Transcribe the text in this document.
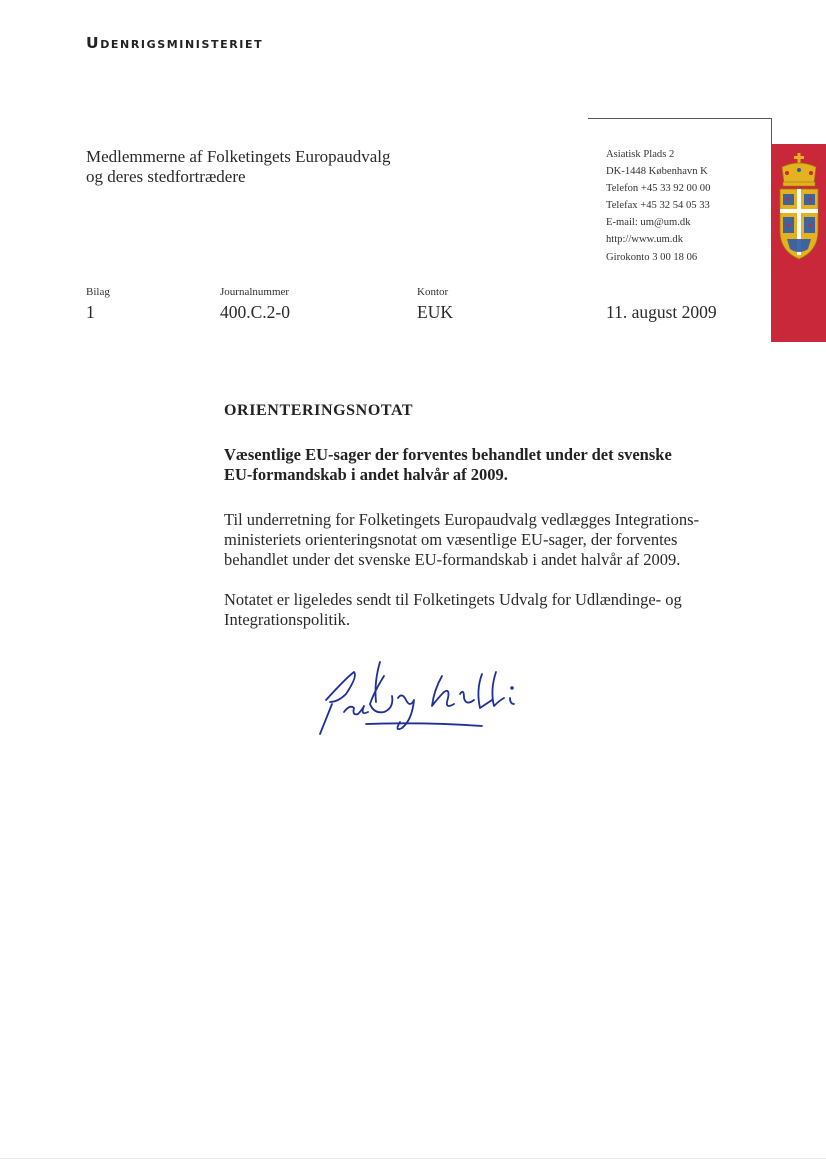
Udenrigsministeriet
Medlemmerne af Folketingets Europaudvalg
og deres stedfortrædere
Asiatisk Plads 2
DK-1448 København K
Telefon +45 33 92 00 00
Telefax +45 32 54 05 33
E-mail: um@um.dk
http://www.um.dk
Girokonto 3 00 18 06
Bilag
1
Journalnummer
400.C.2-0
Kontor
EUK	11. august 2009
ORIENTERINGSNOTAT
Væsentlige EU-sager der forventes behandlet under det svenske
EU-formandskab i andet halvår af 2009.
Til underretning for Folketingets Europaudvalg vedlægges Integrations-
ministeriets orienteringsnotat om væsentlige EU-sager, der forventes
behandlet under det svenske EU-formandskab i andet halvår af 2009.
Notatet er ligeledes sendt til Folketingets Udvalg for Udlændinge- og
Integrationspolitik.
